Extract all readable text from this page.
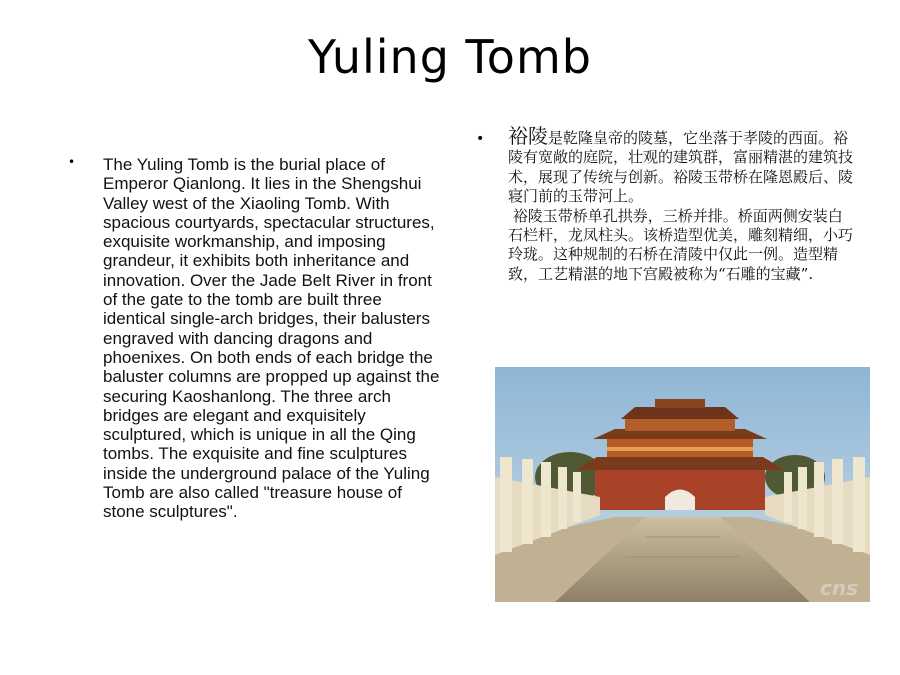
Yuling Tomb
• The Yuling Tomb is the burial place of Emperor Qianlong. It lies in the Shengshui Valley west of the Xiaoling Tomb. With spacious courtyards, spectacular structures, exquisite workmanship, and imposing grandeur, it exhibits both inheritance and innovation. Over the Jade Belt River in front of the gate to the tomb are built three identical single-arch bridges, their balusters engraved with dancing dragons and phoenixes. On both ends of each bridge the baluster columns are propped up against the securing Kaoshanlong. The three arch bridges are elegant and exquisitely sculptured, which is unique in all the Qing tombs. The exquisite and fine sculptures inside the underground palace of the Yuling Tomb are also called "treasure house of stone sculptures".
• 裕陵是乾隆皇帝的陵墓，它坐落于孝陵的西面。裕陵有宽敞的庭院，壮观的建筑群，富丽精湛的建筑技术，展现了传统与创新。裕陵玉带桥在隆恩殿后、陵寝门前的玉带河上。
裕陵玉带桥单孔拱券，三桥并排。桥面两侧安装白石栏杆，龙凤柱头。该桥造型优美，雕刻精细，小巧玲珑。这种规制的石桥在清陵中仅此一例。造型精致，工艺精湛的地下宫殿被称为“石雕的宝藏”.
cns
